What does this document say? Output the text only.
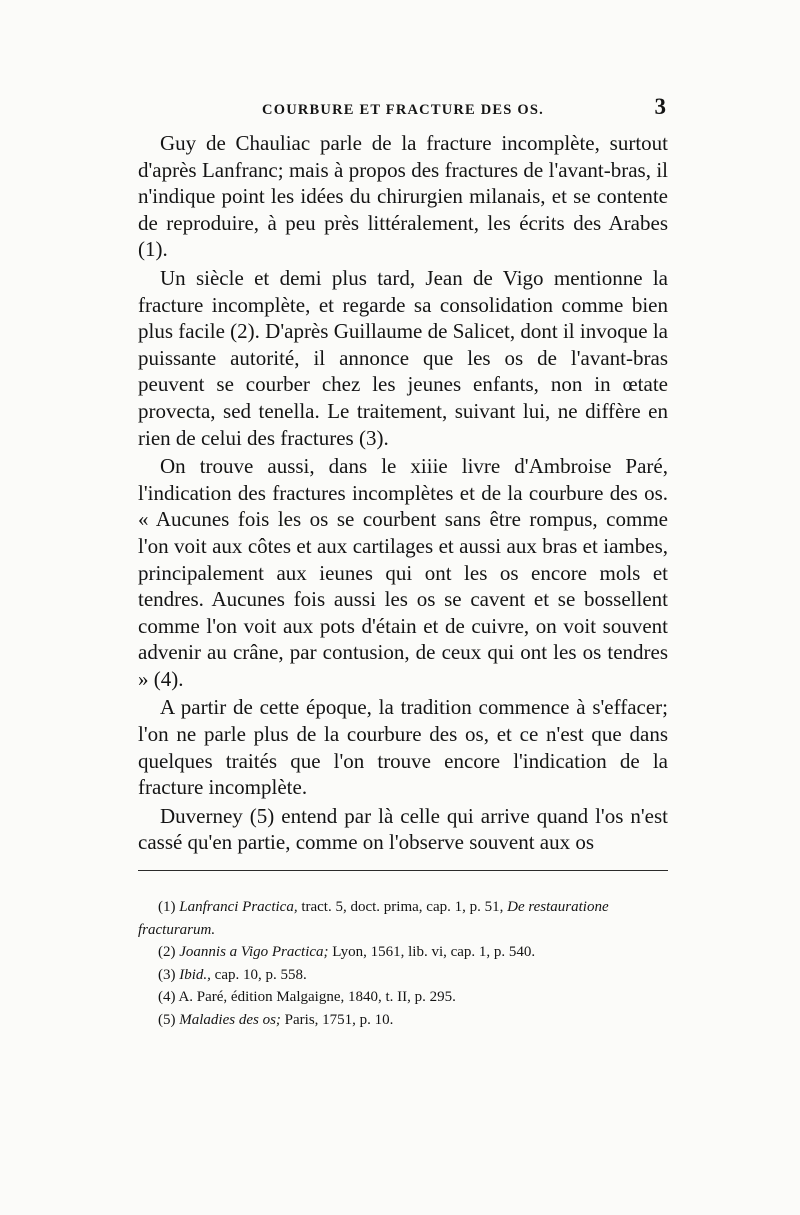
COURBURE ET FRACTURE DES OS.	3

Guy de Chauliac parle de la fracture incomplète, surtout d'après Lanfranc; mais à propos des fractures de l'avant-bras, il n'indique point les idées du chirurgien milanais, et se contente de reproduire, à peu près littéralement, les écrits des Arabes (1).

Un siècle et demi plus tard, Jean de Vigo mentionne la fracture incomplète, et regarde sa consolidation comme bien plus facile (2). D'après Guillaume de Salicet, dont il invoque la puissante autorité, il annonce que les os de l'avant-bras peuvent se courber chez les jeunes enfants, non in œtate provecta, sed tenella. Le traitement, suivant lui, ne diffère en rien de celui des fractures (3).

On trouve aussi, dans le xiiie livre d'Ambroise Paré, l'indication des fractures incomplètes et de la courbure des os. « Aucunes fois les os se courbent sans être rompus, comme l'on voit aux côtes et aux cartilages et aussi aux bras et iambes, principalement aux ieunes qui ont les os encore mols et tendres. Aucunes fois aussi les os se cavent et se bossellent comme l'on voit aux pots d'étain et de cuivre, on voit souvent advenir au crâne, par contusion, de ceux qui ont les os tendres » (4).

A partir de cette époque, la tradition commence à s'effacer; l'on ne parle plus de la courbure des os, et ce n'est que dans quelques traités que l'on trouve encore l'indication de la fracture incomplète.

Duverney (5) entend par là celle qui arrive quand l'os n'est cassé qu'en partie, comme on l'observe souvent aux os

(1) Lanfranci Practica, tract. 5, doct. prima, cap. 1, p. 51, De restauratione fracturarum.
(2) Joannis a Vigo Practica; Lyon, 1561, lib. vi, cap. 1, p. 540.
(3) Ibid., cap. 10, p. 558.
(4) A. Paré, édition Malgaigne, 1840, t. II, p. 295.
(5) Maladies des os; Paris, 1751, p. 10.
